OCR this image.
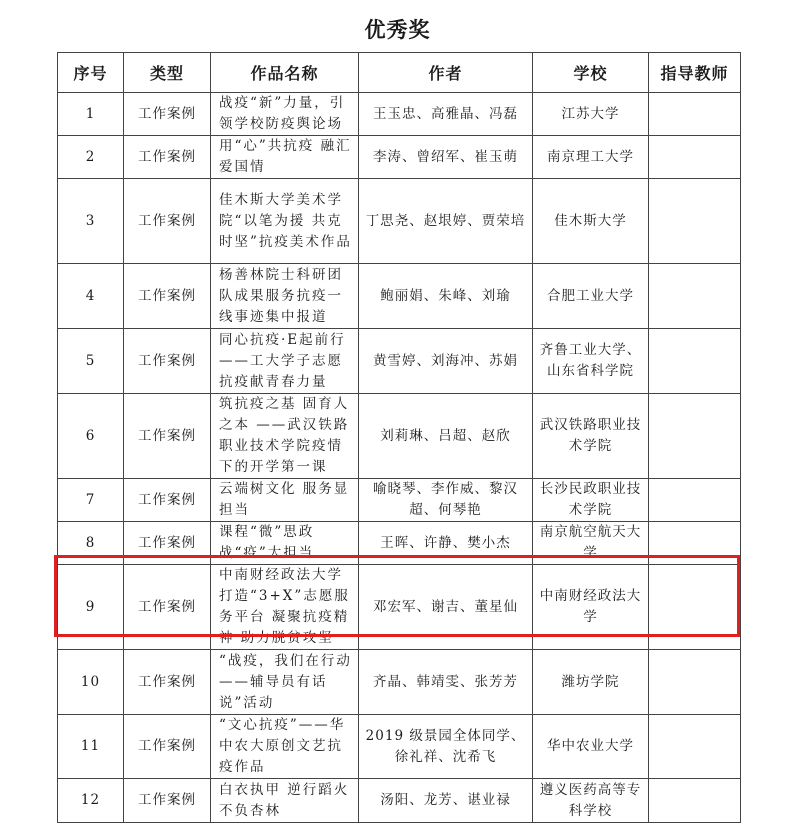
优秀奖
序号	类型	作品名称	作者	学校	指导教师
1	工作案例	战疫“新”力量，引领学校防疫舆论场	王玉忠、高雅晶、冯磊	江苏大学	
2	工作案例	用“心”共抗疫 融汇爱国情	李涛、曾绍军、崔玉萌	南京理工大学	
3	工作案例	佳木斯大学美术学院“以笔为援 共克时坚”抗疫美术作品	丁思尧、赵垠婷、贾荣培	佳木斯大学	
4	工作案例	杨善林院士科研团队成果服务抗疫一线事迹集中报道	鲍丽娟、朱峰、刘瑜	合肥工业大学	
5	工作案例	同心抗疫·E起前行——工大学子志愿抗疫献青春力量	黄雪婷、刘海冲、苏娟	齐鲁工业大学、山东省科学院	
6	工作案例	筑抗疫之基 固育人之本 ——武汉铁路职业技术学院疫情下的开学第一课	刘莉琳、吕超、赵欣	武汉铁路职业技术学院	
7	工作案例	云端树文化 服务显担当	喻晓琴、李作威、黎汉超、何琴艳	长沙民政职业技术学院	
8	工作案例	课程“微”思政 战“疫”大担当	王晖、许静、樊小杰	南京航空航天大学	
9	工作案例	中南财经政法大学打造“3+X”志愿服务平台 凝聚抗疫精神 助力脱贫攻坚	邓宏军、谢吉、董星仙	中南财经政法大学	
10	工作案例	“战疫，我们在行动——辅导员有话说”活动	齐晶、韩靖雯、张芳芳	潍坊学院	
11	工作案例	“文心抗疫”——华中农大原创文艺抗疫作品	2019 级景园全体同学、徐礼祥、沈希飞	华中农业大学	
12	工作案例	白衣执甲 逆行蹈火 不负杏林	汤阳、龙芳、谌业禄	遵义医药高等专科学校	
